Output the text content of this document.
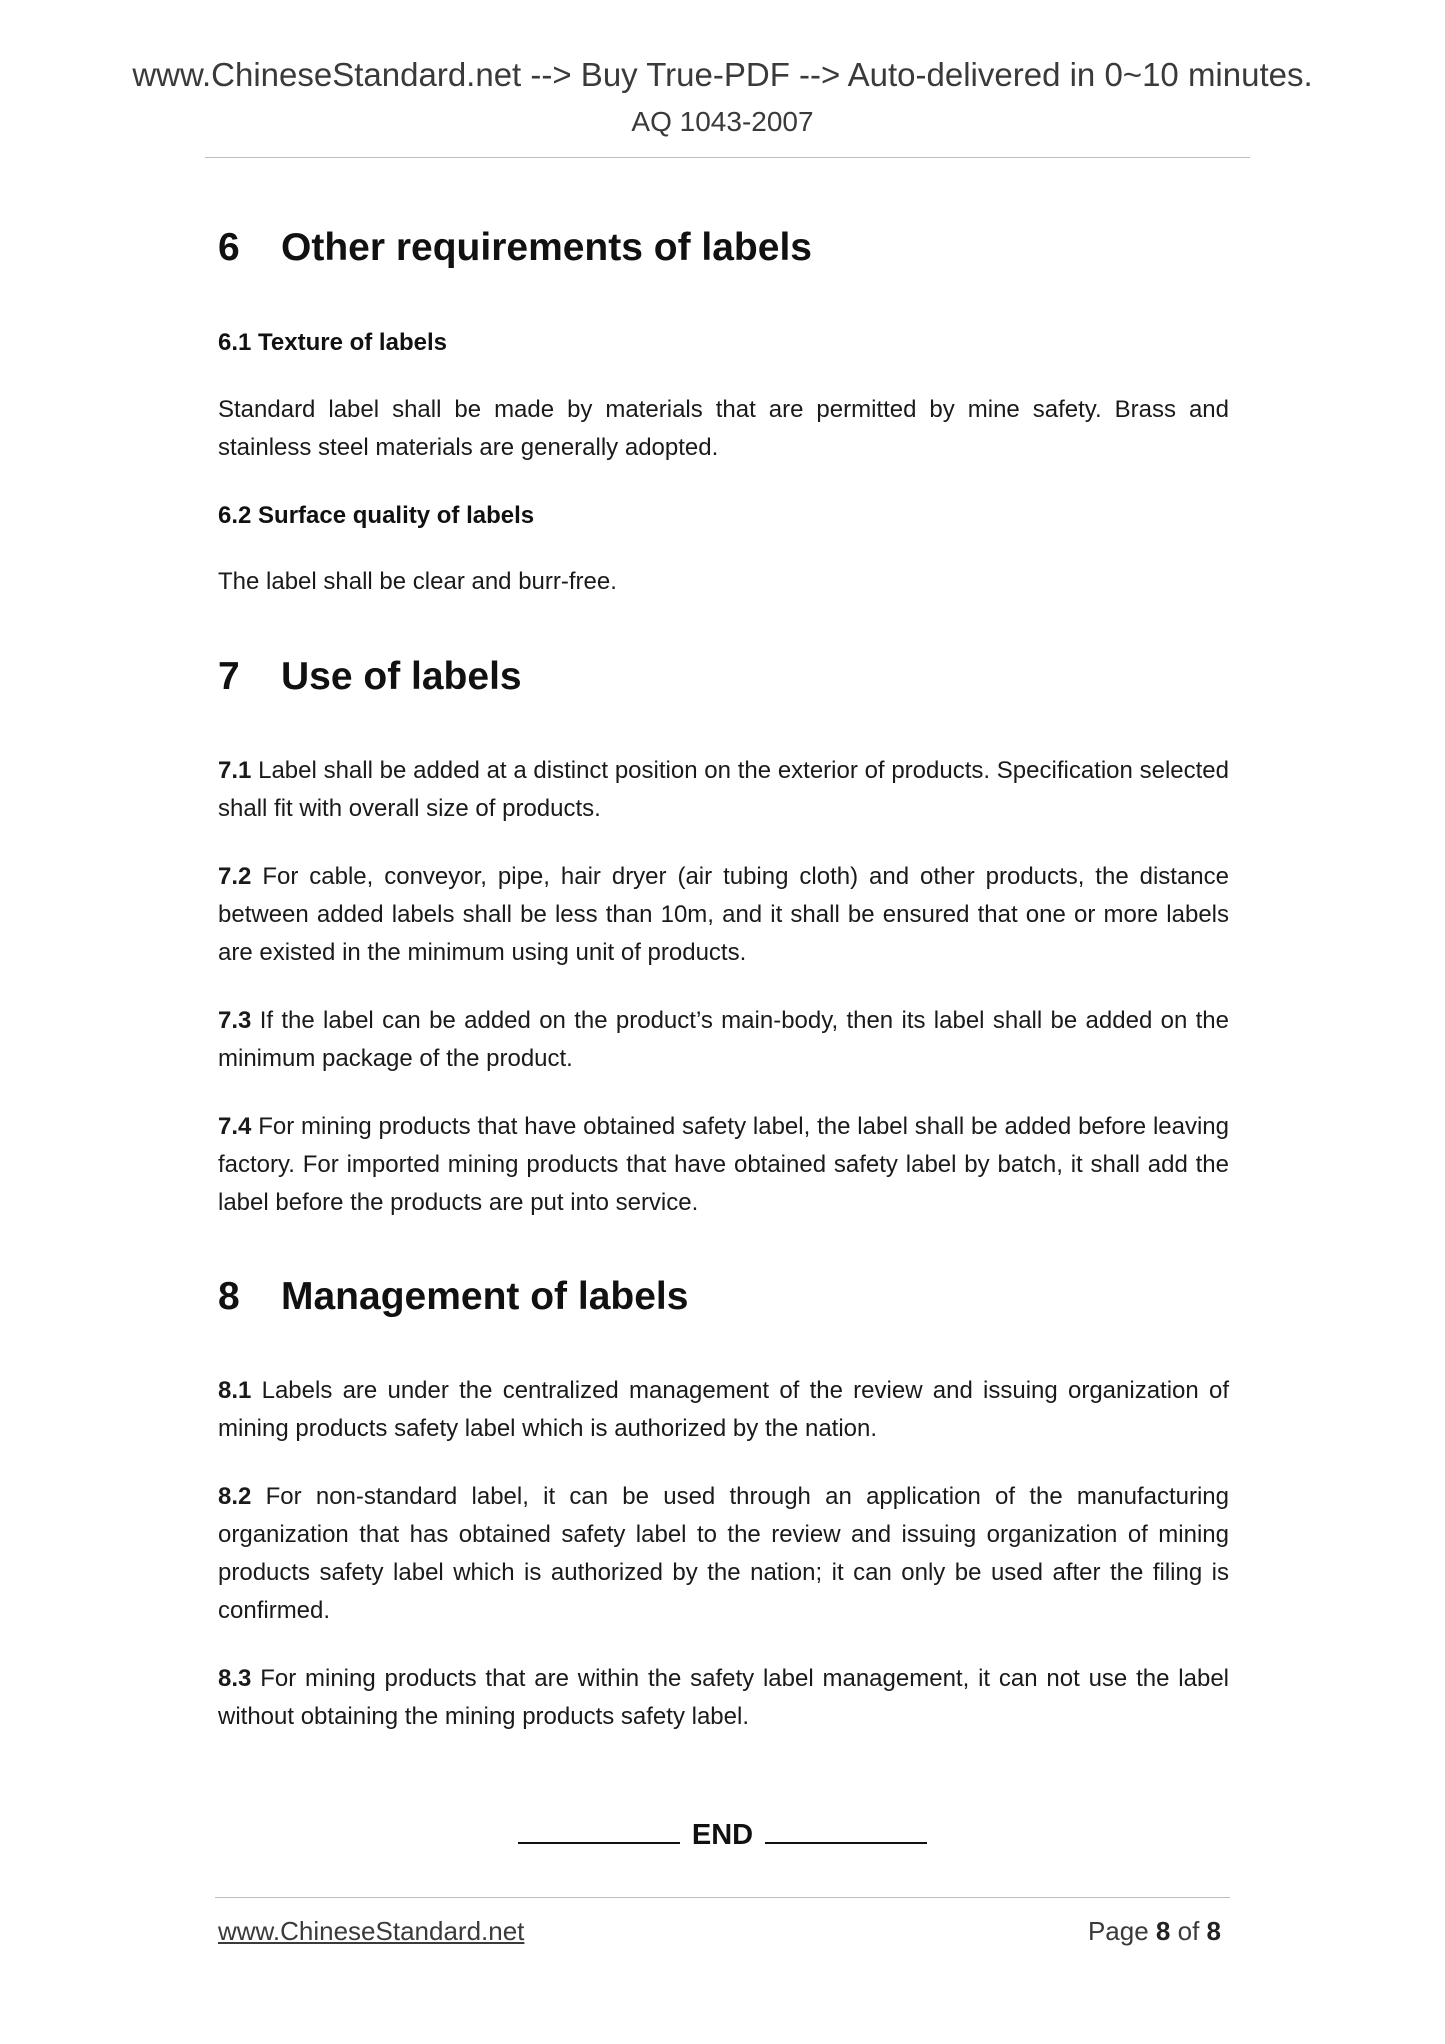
www.ChineseStandard.net --> Buy True-PDF --> Auto-delivered in 0~10 minutes.
AQ 1043-2007
6 Other requirements of labels
6.1 Texture of labels
Standard label shall be made by materials that are permitted by mine safety. Brass and stainless steel materials are generally adopted.
6.2 Surface quality of labels
The label shall be clear and burr-free.
7 Use of labels
7.1 Label shall be added at a distinct position on the exterior of products. Specification selected shall fit with overall size of products.
7.2 For cable, conveyor, pipe, hair dryer (air tubing cloth) and other products, the distance between added labels shall be less than 10m, and it shall be ensured that one or more labels are existed in the minimum using unit of products.
7.3 If the label can be added on the product’s main-body, then its label shall be added on the minimum package of the product.
7.4 For mining products that have obtained safety label, the label shall be added before leaving factory. For imported mining products that have obtained safety label by batch, it shall add the label before the products are put into service.
8 Management of labels
8.1 Labels are under the centralized management of the review and issuing organization of mining products safety label which is authorized by the nation.
8.2 For non-standard label, it can be used through an application of the manufacturing organization that has obtained safety label to the review and issuing organization of mining products safety label which is authorized by the nation; it can only be used after the filing is confirmed.
8.3 For mining products that are within the safety label management, it can not use the label without obtaining the mining products safety label.
END
www.ChineseStandard.net	Page 8 of 8
